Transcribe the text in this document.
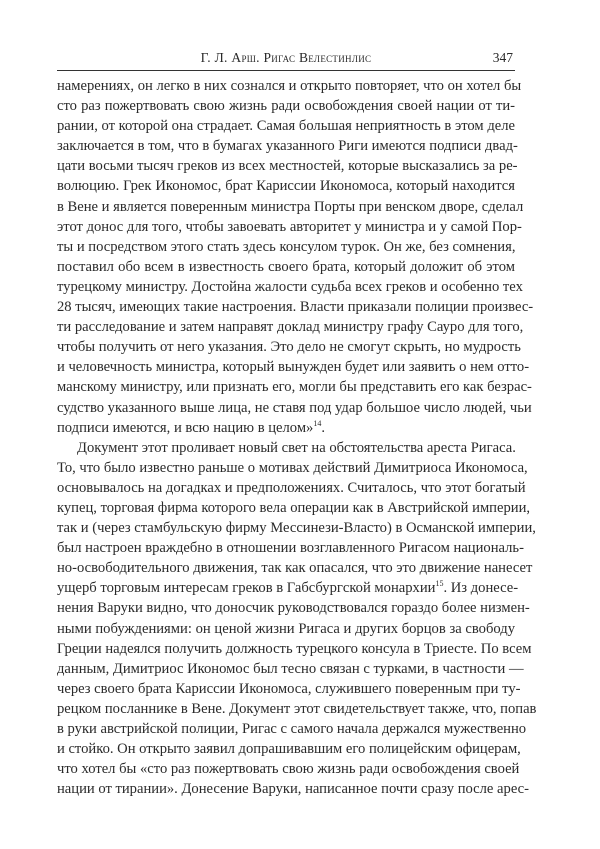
Г. Л. Арш. Ригас Велестинлис	347
намерениях, он легко в них сознался и открыто повторяет, что он хотел бы
сто раз пожертвовать свою жизнь ради освобождения своей нации от ти-
рании, от которой она страдает. Самая большая неприятность в этом деле
заключается в том, что в бумагах указанного Риги имеются подписи двад-
цати восьми тысяч греков из всех местностей, которые высказались за ре-
волюцию. Грек Икономос, брат Кариссии Икономоса, который находится
в Вене и является поверенным министра Порты при венском дворе, сделал
этот донос для того, чтобы завоевать авторитет у министра и у самой Пор-
ты и посредством этого стать здесь консулом турок. Он же, без сомнения,
поставил обо всем в известность своего брата, который доложит об этом
турецкому министру. Достойна жалости судьба всех греков и особенно тех
28 тысяч, имеющих такие настроения. Власти приказали полиции произвес-
ти расследование и затем направят доклад министру графу Сауро для того,
чтобы получить от него указания. Это дело не смогут скрыть, но мудрость
и человечность министра, который вынужден будет или заявить о нем отто-
манскому министру, или признать его, могли бы представить его как безрас-
судство указанного выше лица, не ставя под удар большое число людей, чьи
подписи имеются, и всю нацию в целом»$^{14}$.
Документ этот проливает новый свет на обстоятельства ареста Ригаса.
То, что было известно раньше о мотивах действий Димитриоса Икономоса,
основывалось на догадках и предположениях. Считалось, что этот богатый
купец, торговая фирма которого вела операции как в Австрийской империи,
так и (через стамбульскую фирму Мессинези-Власто) в Османской империи,
был настроен враждебно в отношении возглавленного Ригасом националь-
но-освободительного движения, так как опасался, что это движение нанесет
ущерб торговым интересам греков в Габсбургской монархии$^{15}$. Из донесе-
нения Варуки видно, что доносчик руководствовался гораздо более низмен-
ными побуждениями: он ценой жизни Ригаса и других борцов за свободу
Греции надеялся получить должность турецкого консула в Триесте. По всем
данным, Димитриос Икономос был тесно связан с турками, в частности —
через своего брата Кариссии Икономоса, служившего поверенным при ту-
рецком посланнике в Вене. Документ этот свидетельствует также, что, попав
в руки австрийской полиции, Ригас с самого начала держался мужественно
и стойко. Он открыто заявил допрашивавшим его полицейским офицерам,
что хотел бы «сто раз пожертвовать свою жизнь ради освобождения своей
нации от тирании». Донесение Варуки, написанное почти сразу после арес-
